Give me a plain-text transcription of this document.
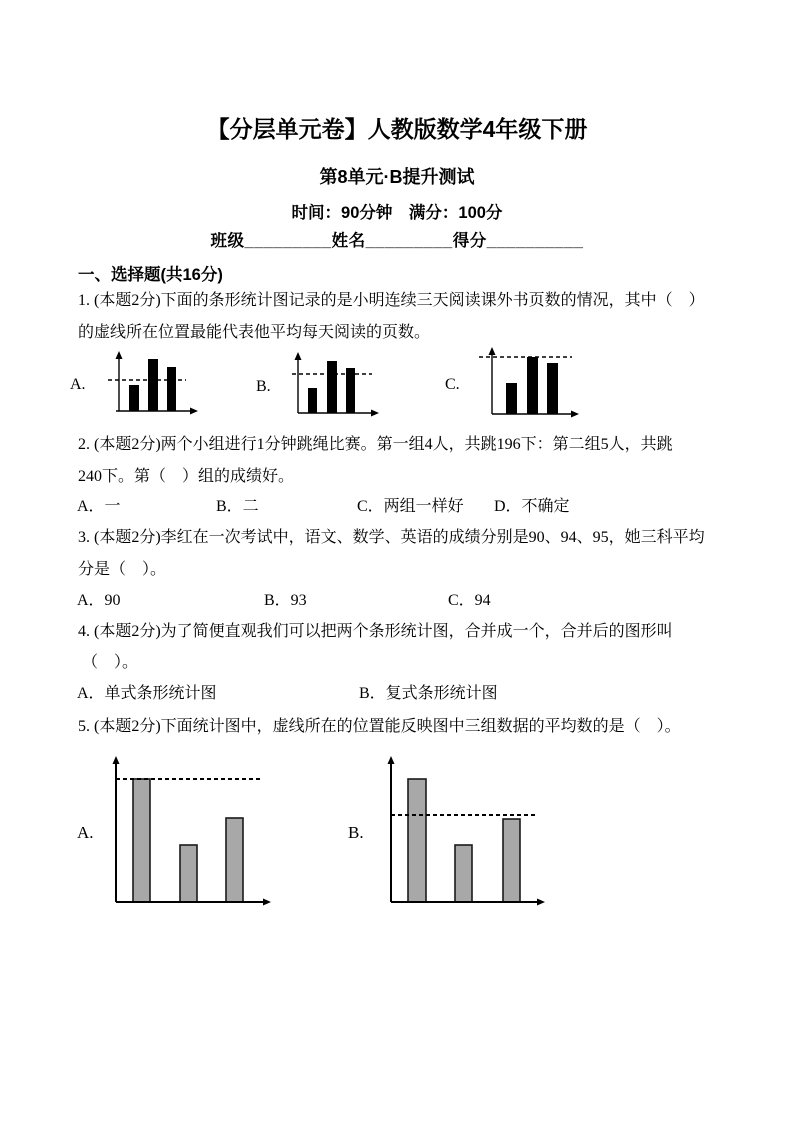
【分层单元卷】人教版数学4年级下册
第8单元·B提升测试
时间：90分钟　满分：100分
班级_________姓名_________得分__________
一、选择题(共16分)
1. (本题2分)下面的条形统计图记录的是小明连续三天阅读课外书页数的情况，其中（　）
的虚线所在位置最能代表他平均每天阅读的页数。
A.	B.	C.
2. (本题2分)两个小组进行1分钟跳绳比赛。第一组4人，共跳196下：第二组5人，共跳
240下。第（　）组的成绩好。
A．一	B．二	C．两组一样好 D．不确定
3. (本题2分)李红在一次考试中，语文、数学、英语的成绩分别是90、94、95，她三科平均
分是（　）。
A．90	B．93	C．94
4. (本题2分)为了简便直观我们可以把两个条形统计图，合并成一个，合并后的图形叫
（　）。
A．单式条形统计图	B．复式条形统计图
5. (本题2分)下面统计图中，虚线所在的位置能反映图中三组数据的平均数的是（　）。
A.	B.
